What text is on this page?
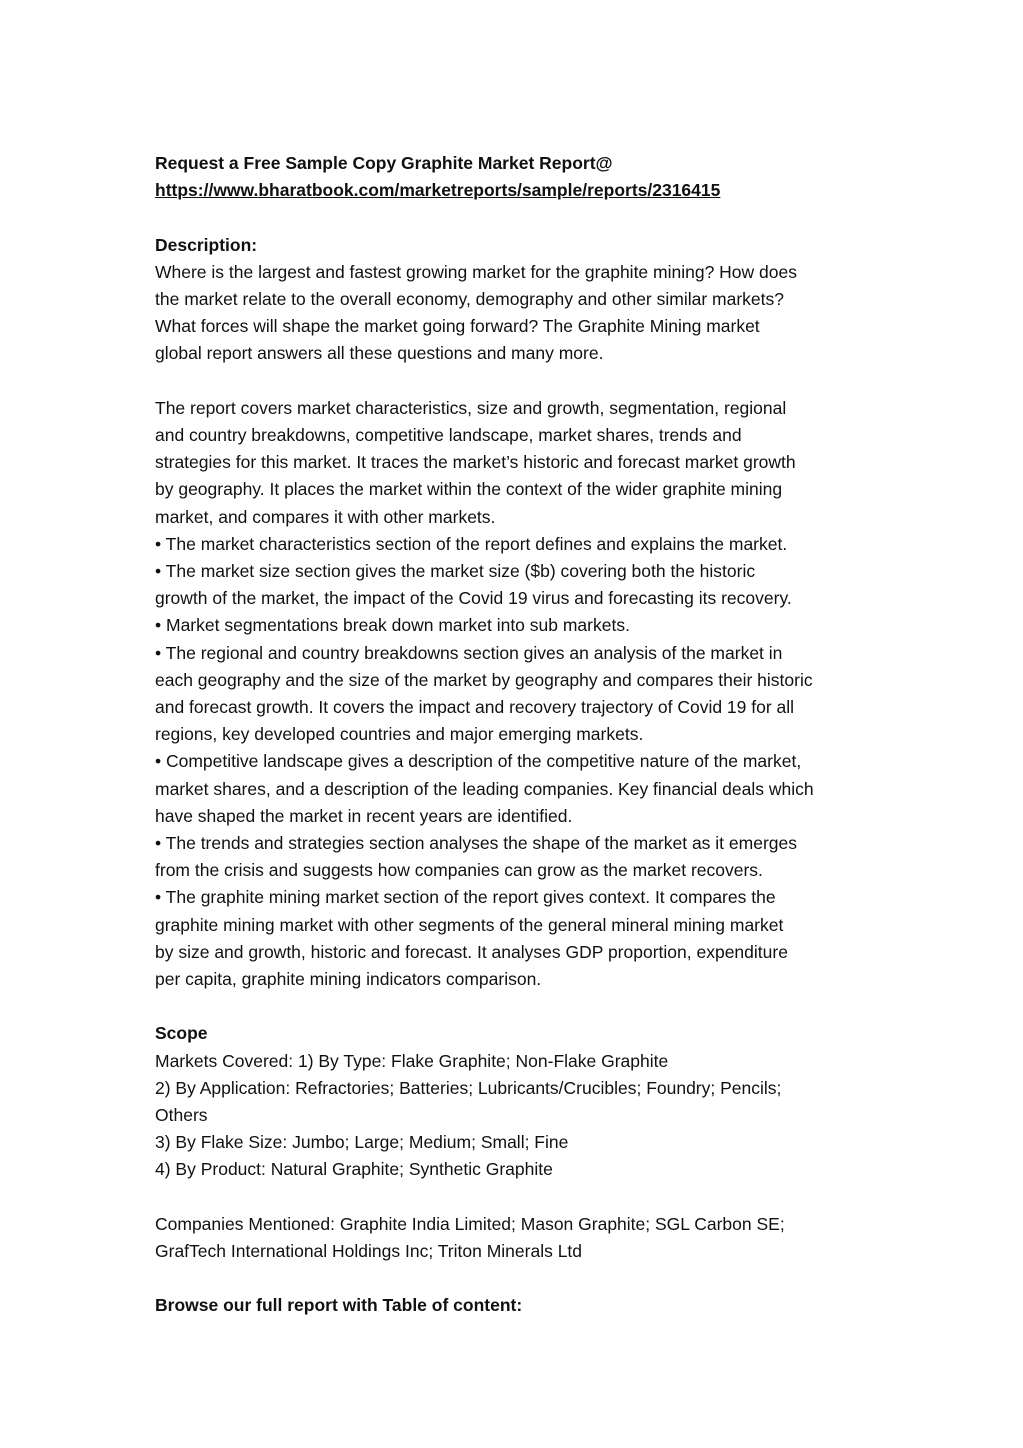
Request a Free Sample Copy Graphite Market Report@
https://www.bharatbook.com/marketreports/sample/reports/2316415
Description:
Where is the largest and fastest growing market for the graphite mining? How does
the market relate to the overall economy, demography and other similar markets?
What forces will shape the market going forward? The Graphite Mining market
global report answers all these questions and many more.
The report covers market characteristics, size and growth, segmentation, regional
and country breakdowns, competitive landscape, market shares, trends and
strategies for this market. It traces the market’s historic and forecast market growth
by geography. It places the market within the context of the wider graphite mining
market, and compares it with other markets.
• The market characteristics section of the report defines and explains the market.
• The market size section gives the market size ($b) covering both the historic
growth of the market, the impact of the Covid 19 virus and forecasting its recovery.
• Market segmentations break down market into sub markets.
• The regional and country breakdowns section gives an analysis of the market in
each geography and the size of the market by geography and compares their historic
and forecast growth. It covers the impact and recovery trajectory of Covid 19 for all
regions, key developed countries and major emerging markets.
• Competitive landscape gives a description of the competitive nature of the market,
market shares, and a description of the leading companies. Key financial deals which
have shaped the market in recent years are identified.
• The trends and strategies section analyses the shape of the market as it emerges
from the crisis and suggests how companies can grow as the market recovers.
• The graphite mining market section of the report gives context. It compares the
graphite mining market with other segments of the general mineral mining market
by size and growth, historic and forecast. It analyses GDP proportion, expenditure
per capita, graphite mining indicators comparison.
Scope
Markets Covered: 1) By Type: Flake Graphite; Non-Flake Graphite
2) By Application: Refractories; Batteries; Lubricants/Crucibles; Foundry; Pencils;
Others
3) By Flake Size: Jumbo; Large; Medium; Small; Fine
4) By Product: Natural Graphite; Synthetic Graphite
Companies Mentioned: Graphite India Limited; Mason Graphite; SGL Carbon SE;
GrafTech International Holdings Inc; Triton Minerals Ltd
Browse our full report with Table of content:
